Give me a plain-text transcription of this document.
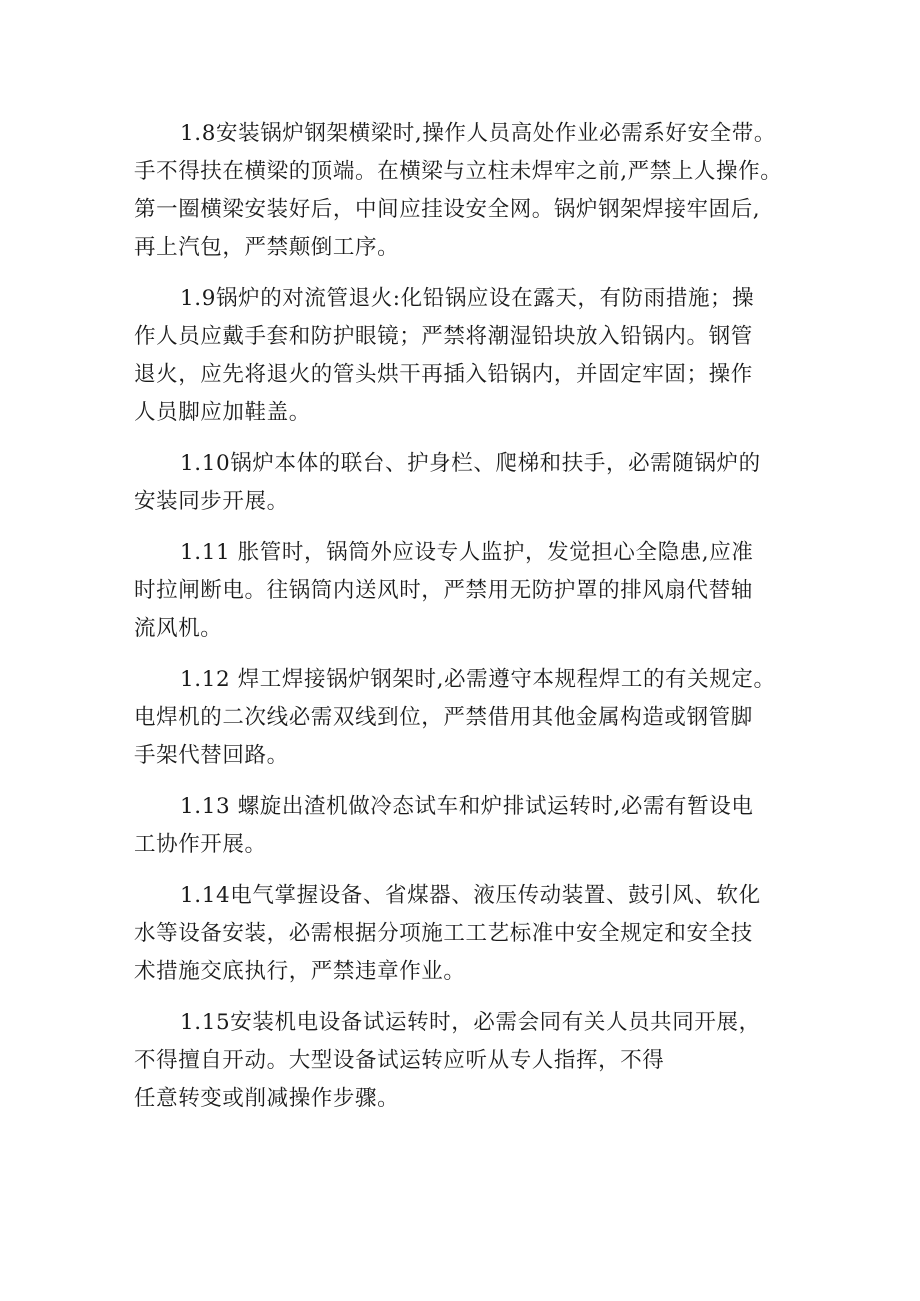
1.8安装锅炉钢架横梁时,操作人员高处作业必需系好安全带。
手不得扶在横梁的顶端。在横梁与立柱未焊牢之前,严禁上人操作。
第一圈横梁安装好后，中间应挂设安全网。锅炉钢架焊接牢固后,
再上汽包，严禁颠倒工序。
1.9锅炉的对流管退火:化铅锅应设在露天，有防雨措施；操
作人员应戴手套和防护眼镜；严禁将潮湿铅块放入铅锅内。钢管
退火，应先将退火的管头烘干再插入铅锅内，并固定牢固；操作
人员脚应加鞋盖。
1.10锅炉本体的联台、护身栏、爬梯和扶手，必需随锅炉的
安装同步开展。
1.11 胀管时，锅筒外应设专人监护，发觉担心全隐患,应准
时拉闸断电。往锅筒内送风时，严禁用无防护罩的排风扇代替轴
流风机。
1.12 焊工焊接锅炉钢架时,必需遵守本规程焊工的有关规定。
电焊机的二次线必需双线到位，严禁借用其他金属构造或钢管脚
手架代替回路。
1.13 螺旋出渣机做冷态试车和炉排试运转时,必需有暂设电
工协作开展。
1.14电气掌握设备、省煤器、液压传动装置、鼓引风、软化
水等设备安装，必需根据分项施工工艺标准中安全规定和安全技
术措施交底执行，严禁违章作业。
1.15安装机电设备试运转时，必需会同有关人员共同开展，
不得擅自开动。大型设备试运转应听从专人指挥，不得
任意转变或削减操作步骤。
